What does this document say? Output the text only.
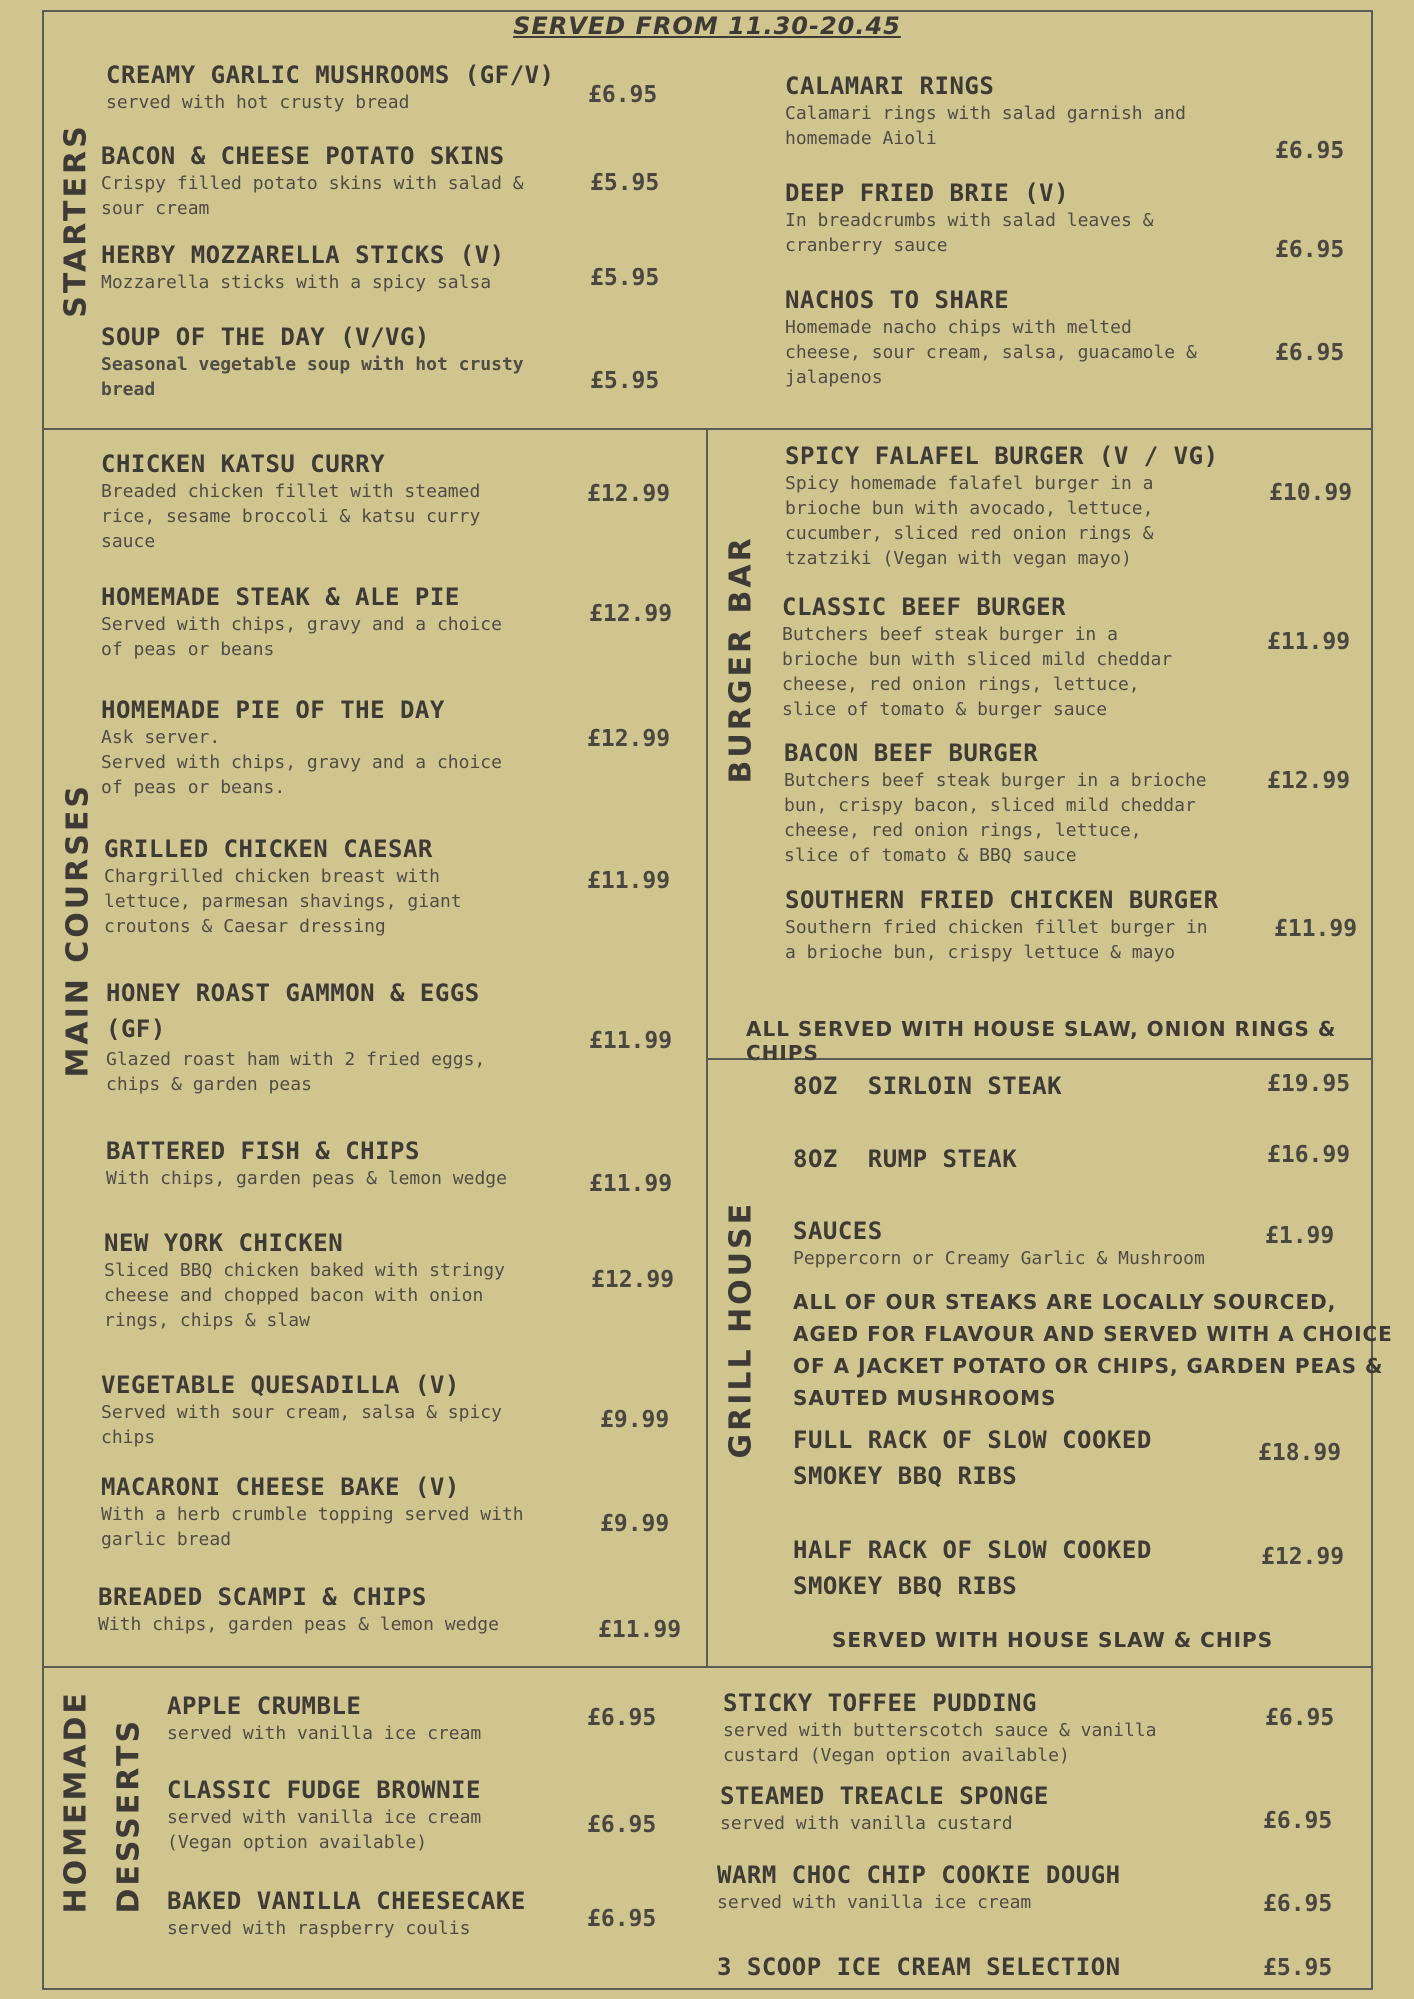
SERVED FROM 11.30-20.45
STARTERS
MAIN COURSES
BURGER BAR
GRILL HOUSE
HOMEMADE DESSERTS
CREAMY GARLIC MUSHROOMS (GF/V)
served with hot crusty bread	£6.95
BACON & CHEESE POTATO SKINS
Crispy filled potato skins with salad &
sour cream
£5.95
HERBY MOZZARELLA STICKS (V)
Mozzarella sticks with a spicy salsa	£5.95
SOUP OF THE DAY (V/VG)
Seasonal vegetable soup with hot crusty
bread	£5.95
CALAMARI RINGS
Calamari rings with salad garnish and
homemade Aioli	£6.95
DEEP FRIED BRIE (V)
In breadcrumbs with salad leaves &
cranberry sauce	£6.95
NACHOS TO SHARE
Homemade nacho chips with melted
cheese, sour cream, salsa, guacamole &
jalapenos
£6.95
CHICKEN KATSU CURRY
Breaded chicken fillet with steamed
rice, sesame broccoli & katsu curry
sauce
£12.99
HOMEMADE STEAK & ALE PIE
Served with chips, gravy and a choice
of peas or beans
£12.99
HOMEMADE PIE OF THE DAY
Ask server.
Served with chips, gravy and a choice
of peas or beans.
£12.99
GRILLED CHICKEN CAESAR
Chargrilled chicken breast with
lettuce, parmesan shavings, giant
croutons & Caesar dressing
£11.99
HONEY ROAST GAMMON & EGGS
(GF)
Glazed roast ham with 2 fried eggs,
chips & garden peas
£11.99
BATTERED FISH & CHIPS
With chips, garden peas & lemon wedge	£11.99
NEW YORK CHICKEN
Sliced BBQ chicken baked with stringy
cheese and chopped bacon with onion
rings, chips & slaw
£12.99
VEGETABLE QUESADILLA (V)
Served with sour cream, salsa & spicy
chips
£9.99
MACARONI CHEESE BAKE (V)
With a herb crumble topping served with
garlic bread
£9.99
BREADED SCAMPI & CHIPS
With chips, garden peas & lemon wedge	£11.99
SPICY FALAFEL BURGER (V / VG)
Spicy homemade falafel burger in a
brioche bun with avocado, lettuce,
cucumber, sliced red onion rings &
tzatziki (Vegan with vegan mayo)
£10.99
CLASSIC BEEF BURGER
Butchers beef steak burger in a
brioche bun with sliced mild cheddar
cheese, red onion rings, lettuce,
slice of tomato & burger sauce
£11.99
BACON BEEF BURGER
Butchers beef steak burger in a brioche
bun, crispy bacon, sliced mild cheddar
cheese, red onion rings, lettuce,
slice of tomato & BBQ sauce
£12.99
SOUTHERN FRIED CHICKEN BURGER
Southern fried chicken fillet burger in
a brioche bun, crispy lettuce & mayo
£11.99
ALL SERVED WITH HOUSE SLAW, ONION RINGS & CHIPS
8OZ  SIRLOIN STEAK	£19.95
8OZ  RUMP STEAK	£16.99
SAUCES
Peppercorn or Creamy Garlic & Mushroom
£1.99
ALL OF OUR STEAKS ARE LOCALLY SOURCED,
AGED FOR FLAVOUR AND SERVED WITH A CHOICE
OF A JACKET POTATO OR CHIPS, GARDEN PEAS &
SAUTED MUSHROOMS
FULL RACK OF SLOW COOKED
SMOKEY BBQ RIBS
£18.99
HALF RACK OF SLOW COOKED
SMOKEY BBQ RIBS
£12.99
SERVED WITH HOUSE SLAW & CHIPS
APPLE CRUMBLE
served with vanilla ice cream
£6.95
CLASSIC FUDGE BROWNIE
served with vanilla ice cream
(Vegan option available)
£6.95
BAKED VANILLA CHEESECAKE
served with raspberry coulis	£6.95
STICKY TOFFEE PUDDING
served with butterscotch sauce & vanilla
custard (Vegan option available)
£6.95
STEAMED TREACLE SPONGE
served with vanilla custard	£6.95
WARM CHOC CHIP COOKIE DOUGH
served with vanilla ice cream	£6.95
3 SCOOP ICE CREAM SELECTION	£5.95
